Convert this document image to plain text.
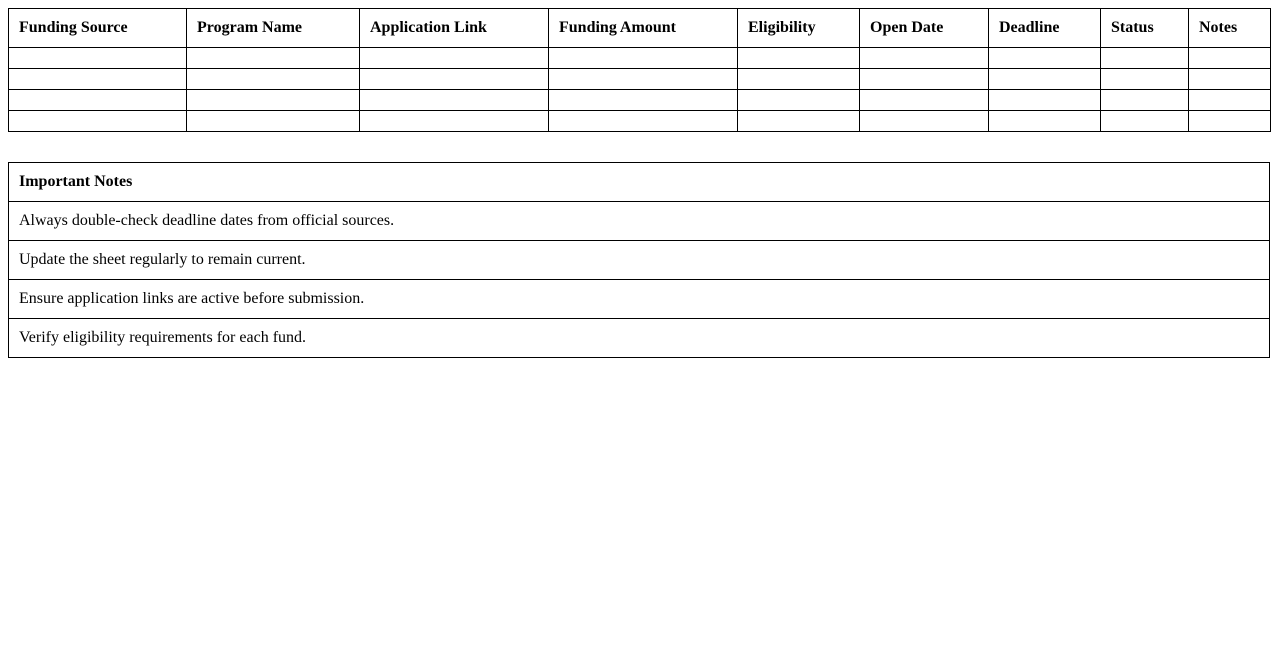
Funding Source	Program Name	Application Link	Funding Amount	Eligibility	Open Date	Deadline	Status	Notes

Important Notes
Always double-check deadline dates from official sources.
Update the sheet regularly to remain current.
Ensure application links are active before submission.
Verify eligibility requirements for each fund.
